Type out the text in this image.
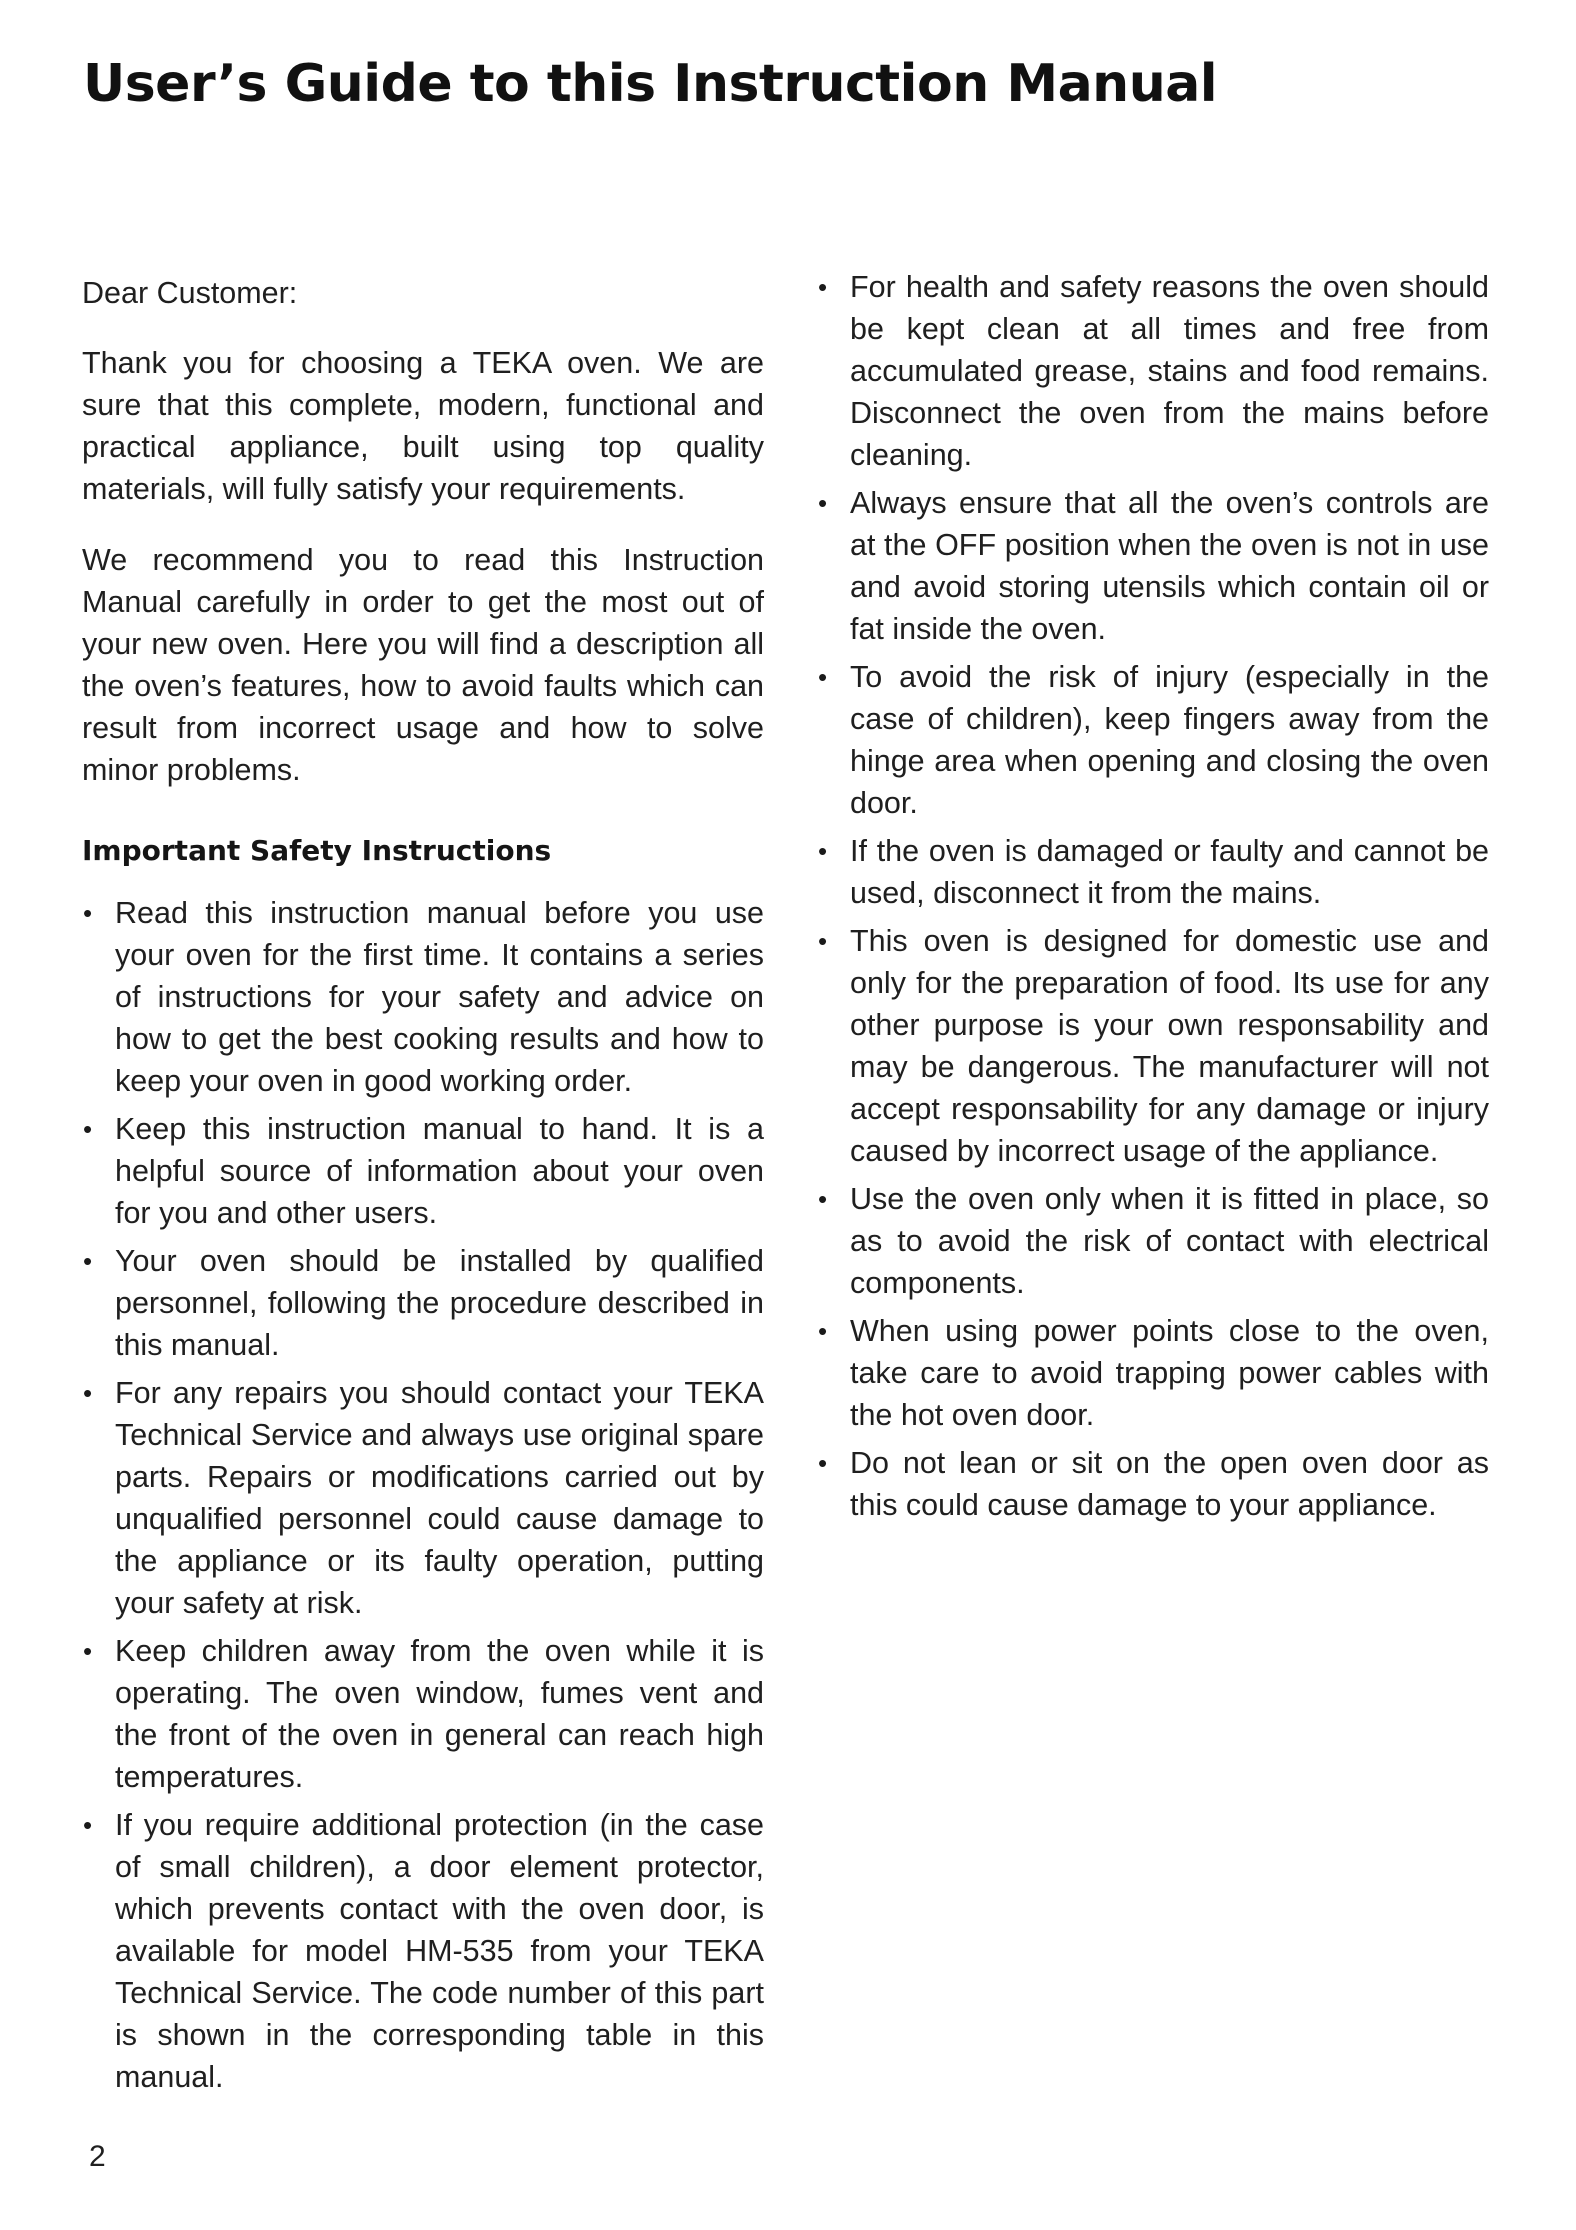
User’s Guide to this Instruction Manual

Dear Customer:

Thank you for choosing a TEKA oven. We are sure that this complete, modern, functional and practical appliance, built using top quality materials, will fully satisfy your requirements.

We recommend you to read this Instruction Manual carefully in order to get the most out of your new oven. Here you will find a description all the oven’s features, how to avoid faults which can result from incorrect usage and how to solve minor problems.

Important Safety Instructions
• Read this instruction manual before you use your oven for the first time. It contains a series of instructions for your safety and advice on how to get the best cooking results and how to keep your oven in good working order.
• Keep this instruction manual to hand. It is a helpful source of information about your oven for you and other users.
• Your oven should be installed by qualified personnel, following the procedure described in this manual.
• For any repairs you should contact your TEKA Technical Service and always use original spare parts. Repairs or modifications carried out by unqualified personnel could cause damage to the appliance or its faulty operation, putting your safety at risk.
• Keep children away from the oven while it is operating. The oven window, fumes vent and the front of the oven in general can reach high temperatures.
• If you require additional protection (in the case of small children), a door element protector, which prevents contact with the oven door, is available for model HM-535 from your TEKA Technical Service. The code number of this part is shown in the corresponding table in this manual.
• For health and safety reasons the oven should be kept clean at all times and free from accumulated grease, stains and food remains. Disconnect the oven from the mains before cleaning.
• Always ensure that all the oven’s controls are at the OFF position when the oven is not in use and avoid storing utensils which contain oil or fat inside the oven.
• To avoid the risk of injury (especially in the case of children), keep fingers away from the hinge area when opening and closing the oven door.
• If the oven is damaged or faulty and cannot be used, disconnect it from the mains.
• This oven is designed for domestic use and only for the preparation of food. Its use for any other purpose is your own responsability and may be dangerous. The manufacturer will not accept responsability for any damage or injury caused by incorrect usage of the appliance.
• Use the oven only when it is fitted in place, so as to avoid the risk of contact with electrical components.
• When using power points close to the oven, take care to avoid trapping power cables with the hot oven door.
• Do not lean or sit on the open oven door as this could cause damage to your appliance.
2
